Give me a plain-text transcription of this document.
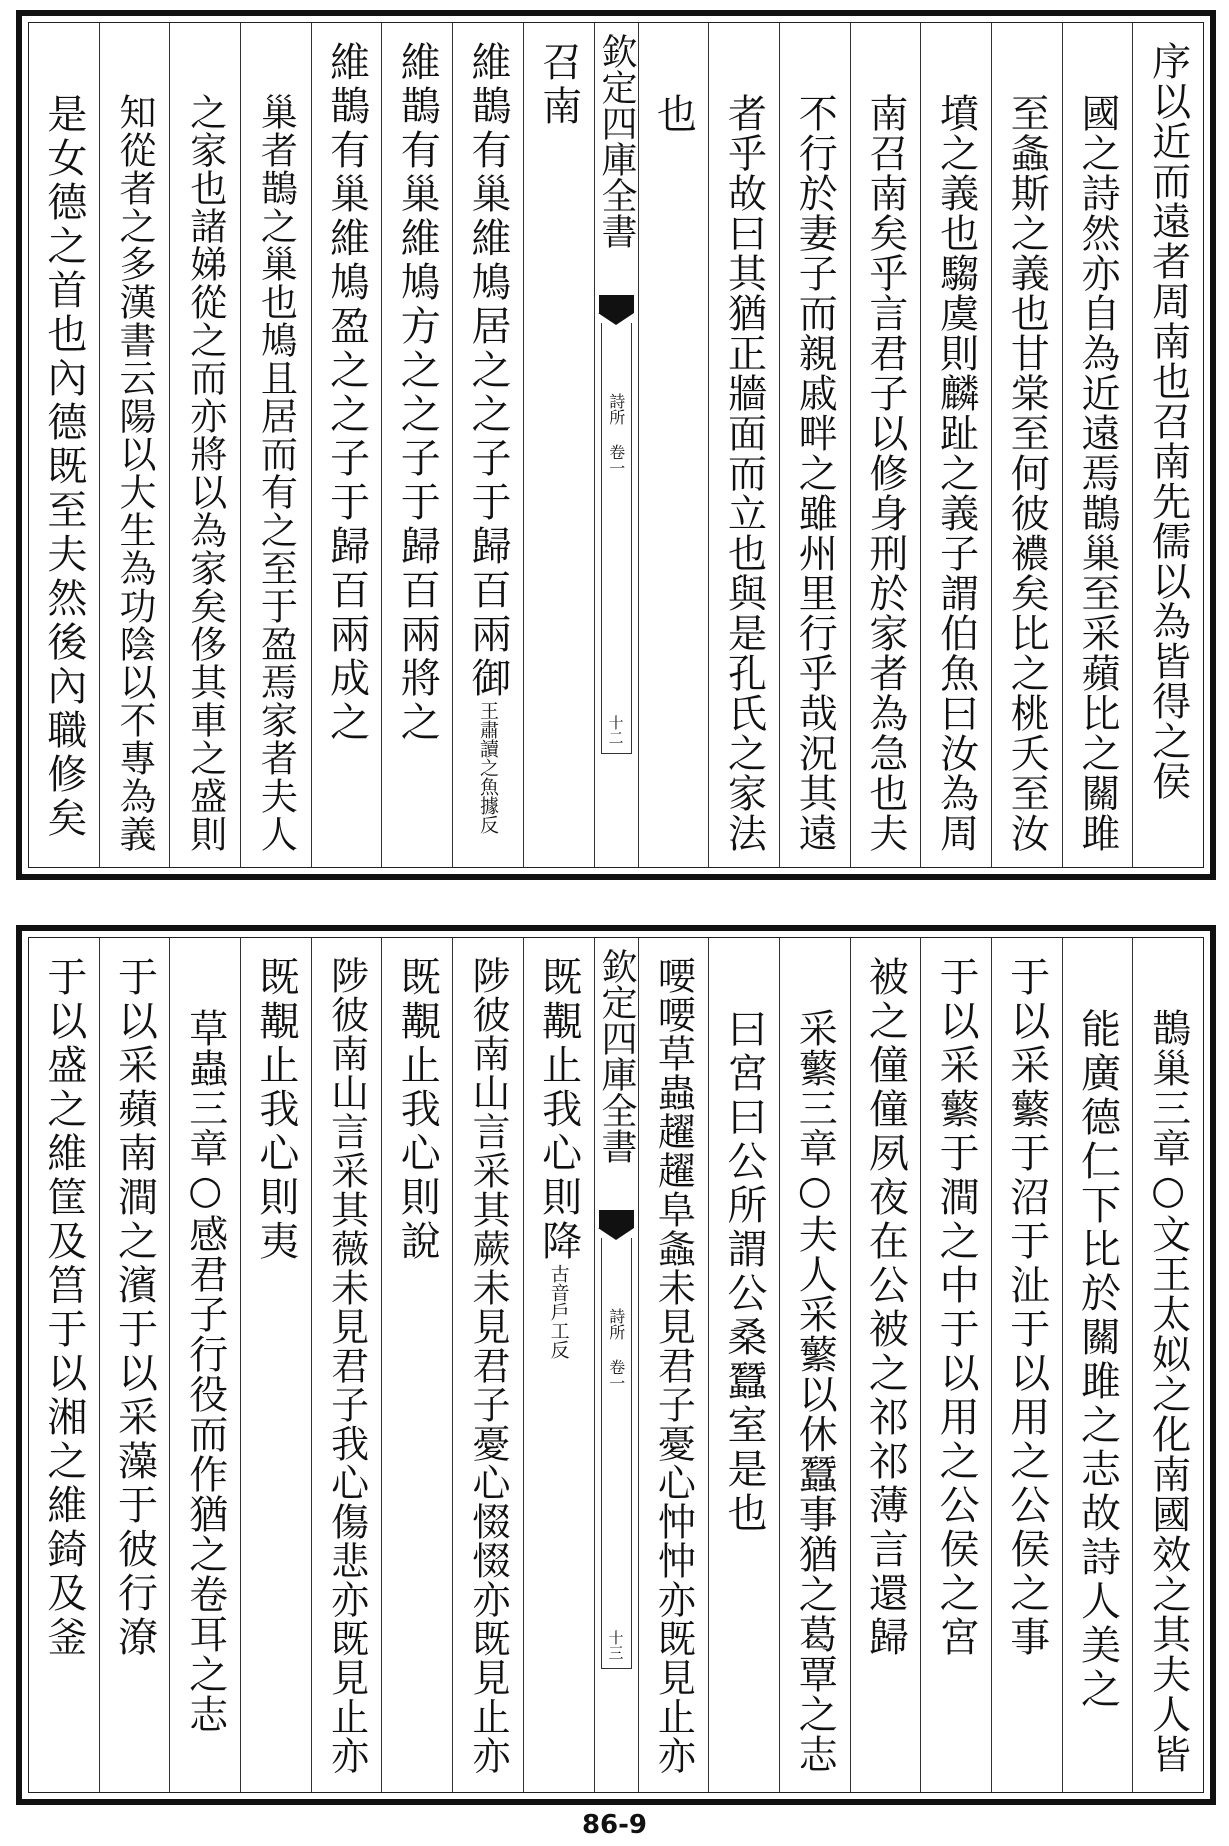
序以近而遠者周南也召南先儒以為皆得之侯
國之詩然亦自為近遠焉鵲巢至采蘋比之關雎
至螽斯之義也甘棠至何彼襛矣比之桃夭至汝
墳之義也騶虞則麟趾之義子謂伯魚曰汝為周
南召南矣乎言君子以修身刑於家者為急也夫
不行於妻子而親戚畔之雖州里行乎哉況其遠
者乎故曰其猶正牆面而立也與是孔氏之家法
也
欽定四庫全書
詩所 卷一
十二
召南
維鵲有巢維鳩居之之子于歸百兩御王肅讀之魚據反
維鵲有巢維鳩方之之子于歸百兩將之
維鵲有巢維鳩盈之之子于歸百兩成之
巢者鵲之巢也鳩且居而有之至于盈焉家者夫人
之家也諸娣從之而亦將以為家矣侈其車之盛則
知從者之多漢書云陽以大生為功陰以不專為義
是女德之首也內德既至夫然後內職修矣
鵲巢三章○文王太姒之化南國效之其夫人皆
能廣德仁下比於關雎之志故詩人美之
于以采蘩于沼于沚于以用之公侯之事
于以采蘩于澗之中于以用之公侯之宮
被之僮僮夙夜在公被之祁祁薄言還歸
采蘩三章○夫人采蘩以休蠶事猶之葛覃之志
曰宮曰公所謂公桑蠶室是也
喓喓草蟲趯趯阜螽未見君子憂心忡忡亦既見止亦
欽定四庫全書
詩所 卷一
十三
既覯止我心則降古音戶工反
陟彼南山言采其蕨未見君子憂心惙惙亦既見止亦
既覯止我心則說
陟彼南山言采其薇未見君子我心傷悲亦既見止亦
既覯止我心則夷
草蟲三章○感君子行役而作猶之卷耳之志
于以采蘋南澗之濱于以采藻于彼行潦
于以盛之維筐及筥于以湘之維錡及釜
86-9
